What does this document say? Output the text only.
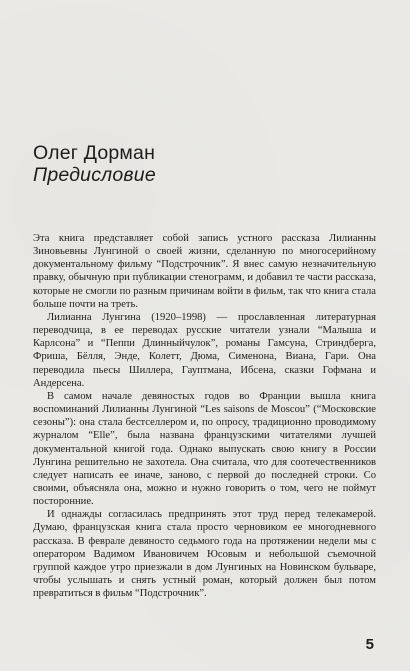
Олег Дорман
Предисловие

Эта книга представляет собой запись устного рассказа Лилианны Зиновьевны Лунгиной о своей жизни, сделанную по многосерийному документальному фильму “Подстрочник”. Я внес самую незначительную правку, обычную при публикации стенограмм, и добавил те части рассказа, которые не смогли по разным причинам войти в фильм, так что книга стала больше почти на треть.

Лилианна Лунгина (1920–1998) — прославленная литературная переводчица, в ее переводах русские читатели узнали “Малыша и Карлсона” и “Пеппи Длинныйчулок”, романы Гамсуна, Стриндберга, Фриша, Бёлля, Энде, Колетт, Дюма, Сименона, Виана, Гари. Она переводила пьесы Шиллера, Гауптмана, Ибсена, сказки Гофмана и Андерсена.

В самом начале девяностых годов во Франции вышла книга воспоминаний Лилианны Лунгиной “Les saisons de Moscou” (“Московские сезоны”): она стала бестселлером и, по опросу, традиционно проводимому журналом “Elle”, была названа французскими читателями лучшей документальной книгой года. Однако выпускать свою книгу в России Лунгина решительно не захотела. Она считала, что для соотечественников следует написать ее иначе, заново, с первой до последней строки. Со своими, объясняла она, можно и нужно говорить о том, чего не поймут посторонние.

И однажды согласилась предпринять этот труд перед телекамерой. Думаю, французская книга стала просто черновиком ее многодневного рассказа. В феврале девяносто седьмого года на протяжении недели мы с оператором Вадимом Ивановичем Юсовым и небольшой съемочной группой каждое утро приезжали в дом Лунгиных на Новинском бульваре, чтобы услышать и снять устный роман, который должен был потом превратиться в фильм “Подстрочник”.

5
